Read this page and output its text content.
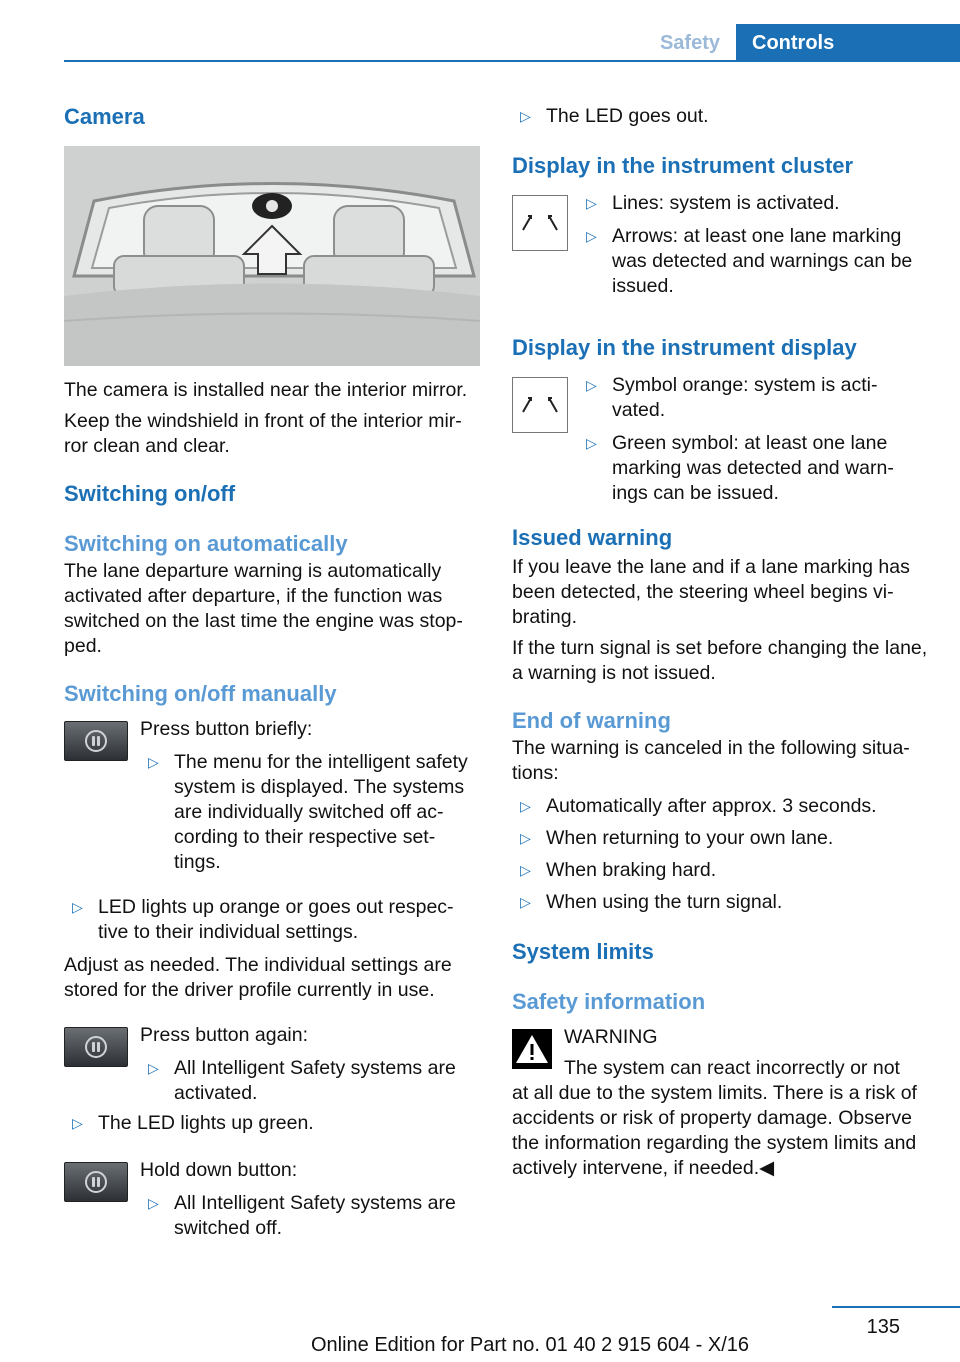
Safety	Controls
Camera

The camera is installed near the interior mirror.

Keep the windshield in front of the interior mir‐ror clean and clear.

Switching on/off
Switching on automatically

The lane departure warning is automatically activated after departure, if the function was switched on the last time the engine was stop‐ped.

Switching on/off manually

Press button briefly:

▷ The menu for the intelligent safety system is displayed. The systems are individually switched off ac‐cording to their respective set‐tings.
▷ LED lights up orange or goes out respec‐tive to their individual settings.

Adjust as needed. The individual settings are stored for the driver profile currently in use.

Press button again:

▷ All Intelligent Safety systems are activated.
▷ The LED lights up green.

Hold down button:

▷ All Intelligent Safety systems are switched off.
▷ The LED goes out.
Display in the instrument cluster
▷ Lines: system is activated.
▷ Arrows: at least one lane marking was detected and warnings can be issued.
Display in the instrument display
▷ Symbol orange: system is acti‐vated.
▷ Green symbol: at least one lane marking was detected and warn‐ings can be issued.
Issued warning

If you leave the lane and if a lane marking has been detected, the steering wheel begins vi‐brating.

If the turn signal is set before changing the lane, a warning is not issued.

End of warning

The warning is canceled in the following situa‐tions:

▷ Automatically after approx. 3 seconds.
▷ When returning to your own lane.
▷ When braking hard.
▷ When using the turn signal.
System limits
Safety information

WARNING

The system can react incorrectly or not

at all due to the system limits. There is a risk of accidents or risk of property damage. Observe the information regarding the system limits and actively intervene, if needed.◀

135
Online Edition for Part no. 01 40 2 915 604 - X/16
